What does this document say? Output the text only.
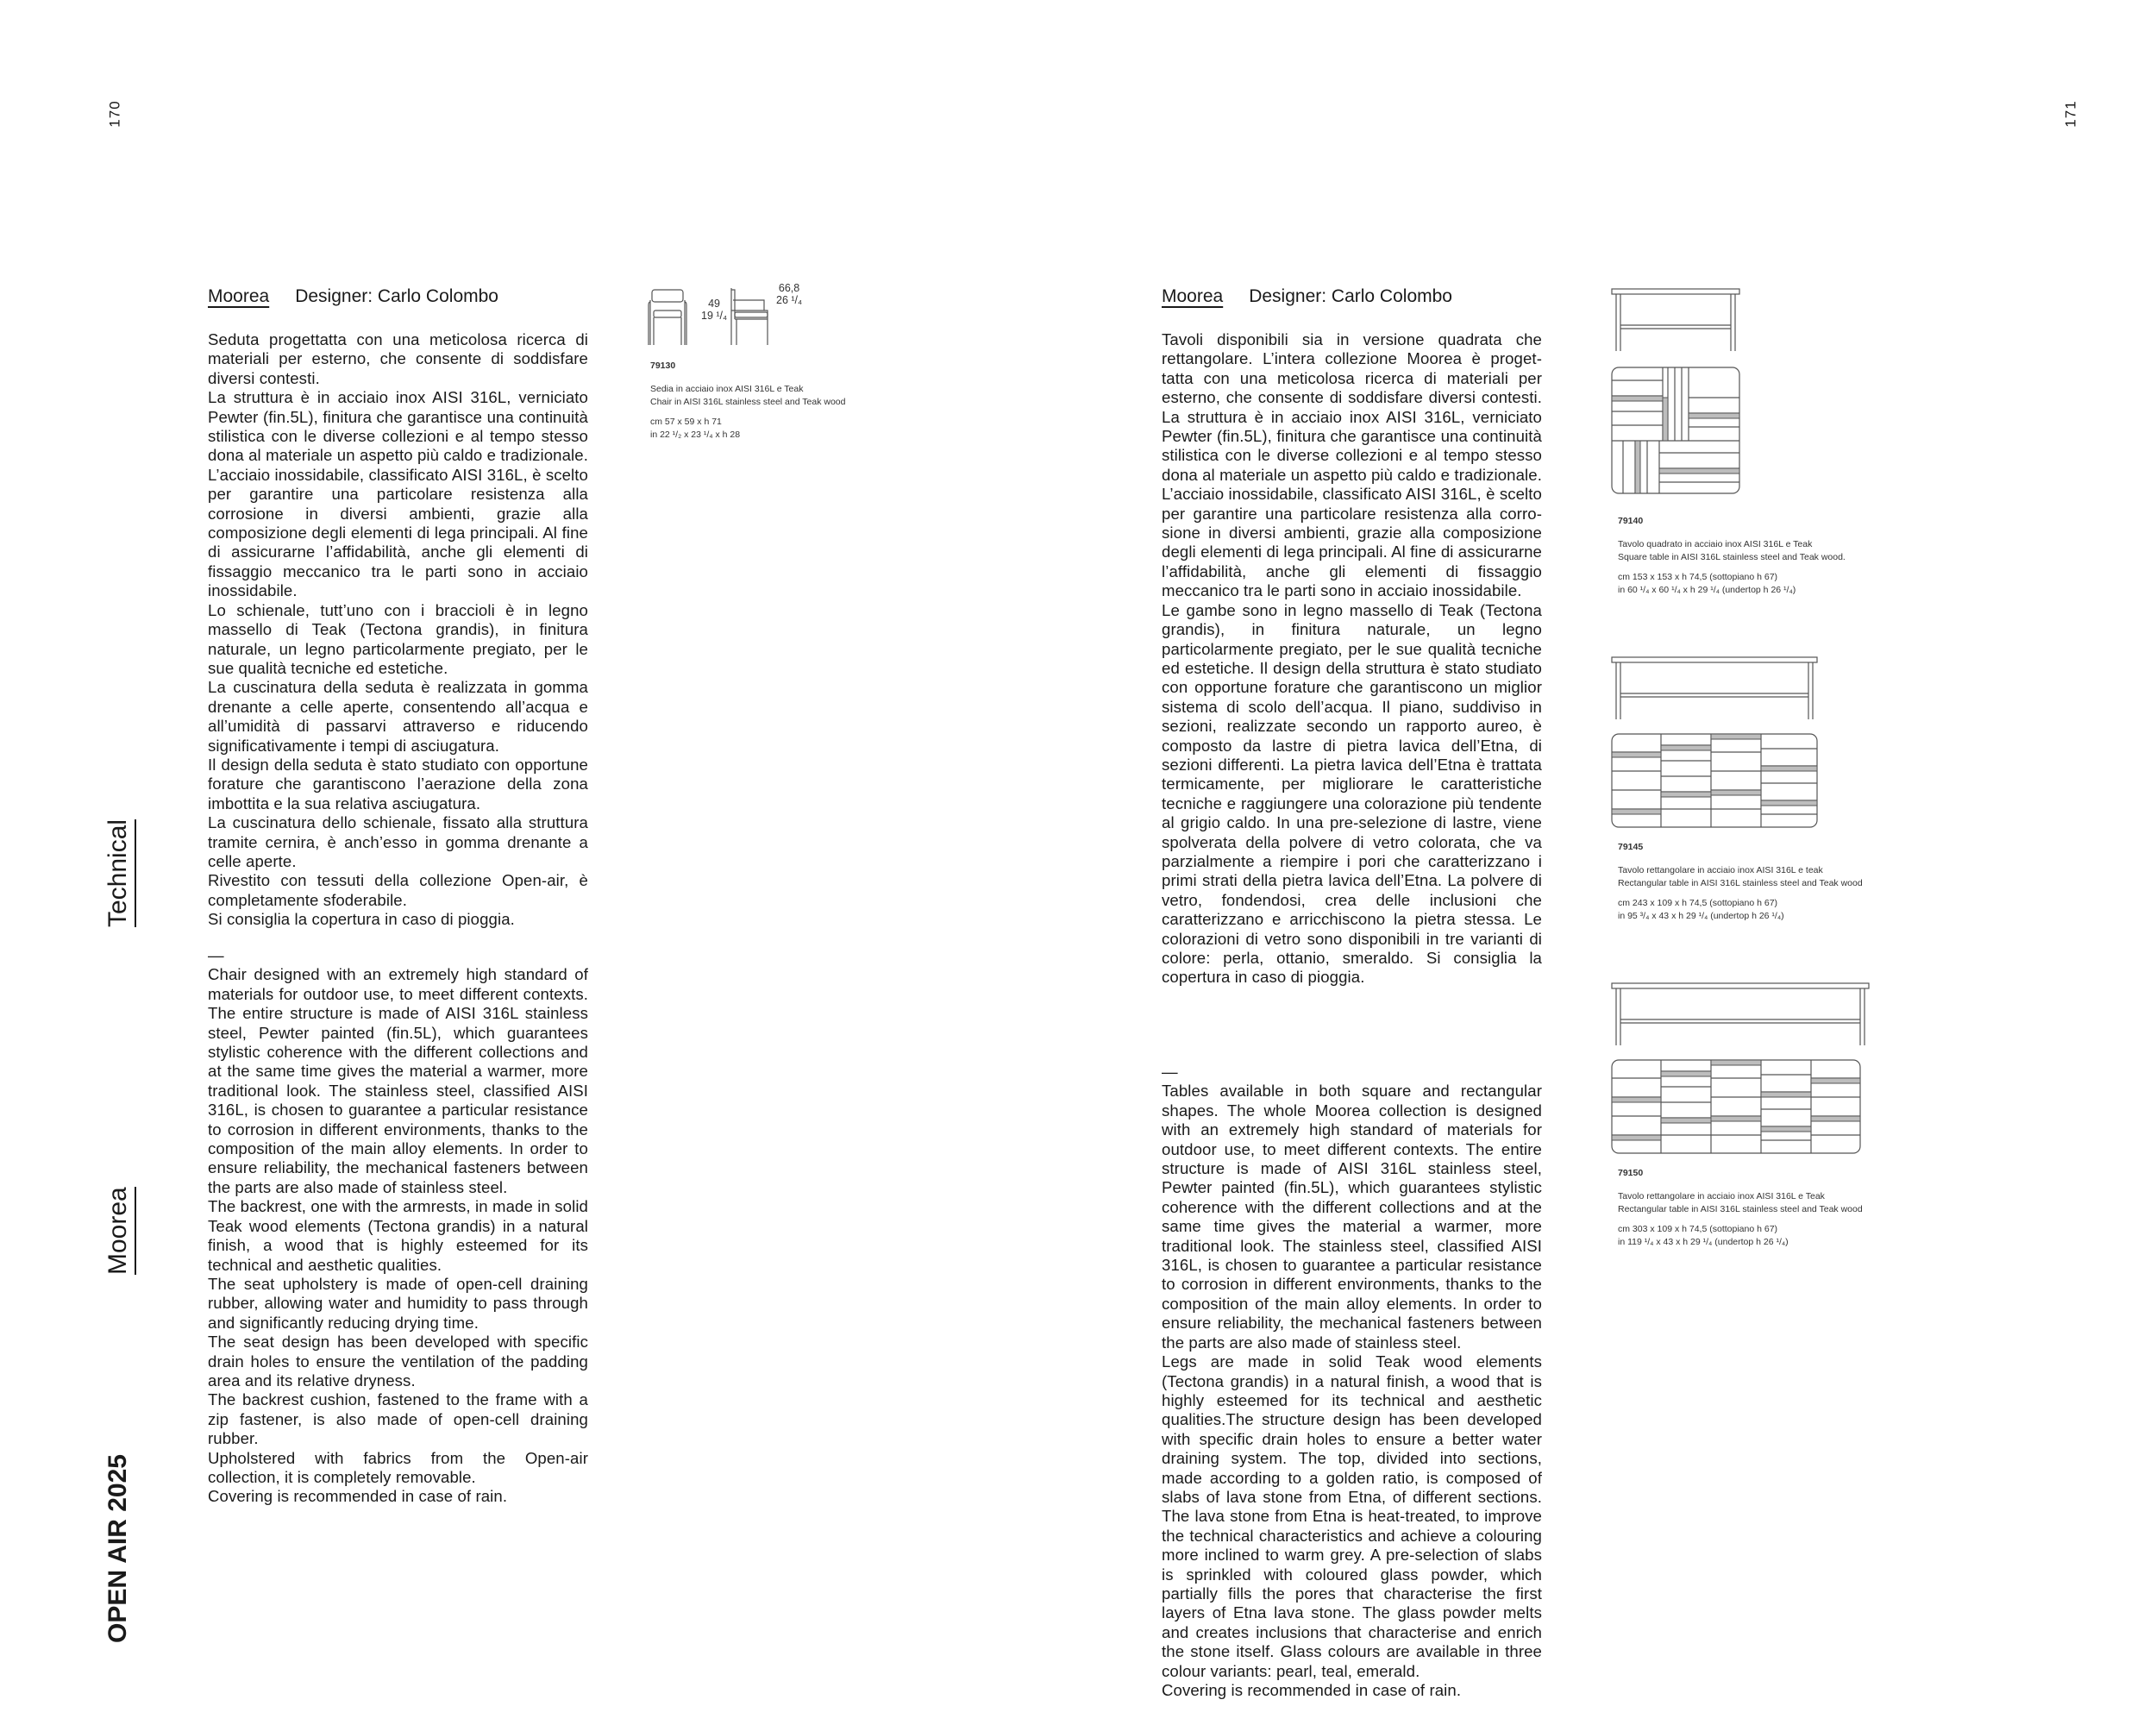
170	171
Technical
Moorea
OPEN AIR 2025
Moorea Designer: Carlo Colombo
Seduta progettatta con una meticolosa ricerca di materiali per esterno, che consente di soddisfare diversi contesti.
La struttura è in acciaio inox AISI 316L, verniciato Pewter (fin.5L), finitura che garantisce una continuità stilistica con le diverse collezioni e al tempo stesso dona al materiale un aspetto più caldo e tradizionale. L’acciaio inossidabile, classificato AISI 316L, è scelto per garantire una particolare resistenza alla corrosione in diversi ambienti, grazie alla composizione degli elementi di lega principali. Al fine di assicurarne l’affidabilità, anche gli elementi di fissaggio meccanico tra le parti sono in acciaio inossidabile.
Lo schienale, tutt’uno con i braccioli è in legno massello di Teak (Tectona grandis), in finitura naturale, un legno particolarmente pregiato, per le sue qualità tecniche ed estetiche.
La cuscinatura della seduta è realizzata in gomma drenante a celle aperte, consentendo all’acqua e all’umidità di passarvi attraverso e riducendo significativamente i tempi di asciugatura.
Il design della seduta è stato studiato con opportune forature che garantiscono l’aerazione della zona imbottita e la sua relativa asciugatura.
La cuscinatura dello schienale, fissato alla struttura tramite cernira, è anch’esso in gomma drenante a celle aperte.
Rivestito con tessuti della collezione Open-air, è completamente sfoderabile.
Si consiglia la copertura in caso di pioggia.
—
Chair designed with an extremely high standard of materials for outdoor use, to meet different contexts. The entire structure is made of AISI 316L stainless steel, Pewter painted (fin.5L), which guarantees stylistic coherence with the different collections and at the same time gives the material a warmer, more traditional look. The stainless steel, classified AISI 316L, is chosen to guarantee a particular resistance to corrosion in different environments, thanks to the composition of the main alloy elements. In order to ensure reliability, the mechanical fasteners between the parts are also made of stainless steel.
The backrest, one with the armrests, in made in solid Teak wood elements (Tectona grandis) in a natural finish, a wood that is highly esteemed for its technical and aesthetic qualities.
The seat upholstery is made of open-cell draining rubber, allowing water and humidity to pass through and significantly reducing drying time.
The seat design has been developed with specific drain holes to ensure the ventilation of the padding area and its relative dryness.
The backrest cushion, fastened to the frame with a zip fastener, is also made of open-cell draining rubber.
Upholstered with fabrics from the Open-air collection, it is completely removable.
Covering is recommended in case of rain.
49
19 ¹/₄
66,8
26 ¹/₄
79130
Sedia in acciaio inox AISI 316L e Teak
Chair in AISI 316L stainless steel and Teak wood
cm 57 x 59 x h 71
in 22 ¹/₂ x 23 ¹/₄ x h 28
Moorea Designer: Carlo Colombo
Tavoli disponibili sia in versione quadrata che rettangolare. L’intera collezione Moorea è proget-tatta con una meticolosa ricerca di materiali per esterno, che consente di soddisfare diversi contesti. La struttura è in acciaio inox AISI 316L, verniciato Pewter (fin.5L), finitura che garantisce una continuità stilistica con le diverse collezioni e al tempo stesso dona al materiale un aspetto più caldo e tradizionale. L’acciaio inossidabile, classificato AISI 316L, è scelto per garantire una particolare resistenza alla corro-sione in diversi ambienti, grazie alla composizione degli elementi di lega principali. Al fine di assicurarne l’affidabilità, anche gli elementi di fissaggio meccanico tra le parti sono in acciaio inossidabile.
Le gambe sono in legno massello di Teak (Tectona grandis), in finitura naturale, un legno particolarmente pregiato, per le sue qualità tecniche ed estetiche. Il design della struttura è stato studiato con opportune forature che garantiscono un miglior sistema di scolo dell’acqua. Il piano, suddiviso in sezioni, realizzate secondo un rapporto aureo, è composto da lastre di pietra lavica dell’Etna, di sezioni differenti. La pietra lavica dell’Etna è trattata termicamente, per migliorare le caratteristiche tecniche e raggiungere una colorazione più tendente al grigio caldo. In una pre-selezione di lastre, viene spolverata della polvere di vetro colorata, che va parzialmente a riempire i pori che caratterizzano i primi strati della pietra lavica dell’Etna. La polvere di vetro, fondendosi, crea delle inclusioni che caratterizzano e arricchiscono la pietra stessa. Le colorazioni di vetro sono disponibili in tre varianti di colore: perla, ottanio, smeraldo. Si consiglia la copertura in caso di pioggia.
—
Tables available in both square and rectangular shapes. The whole Moorea collection is designed with an extremely high standard of materials for outdoor use, to meet different contexts. The entire structure is made of AISI 316L stainless steel, Pewter painted (fin.5L), which guarantees stylistic coherence with the different collections and at the same time gives the material a warmer, more traditional look. The stainless steel, classified AISI 316L, is chosen to guarantee a particular resistance to corrosion in different environments, thanks to the composition of the main alloy elements. In order to ensure reliability, the mechanical fasteners between the parts are also made of stainless steel.
Legs are made in solid Teak wood elements (Tectona grandis) in a natural finish, a wood that is highly esteemed for its technical and aesthetic qualities.The structure design has been developed with specific drain holes to ensure a better water draining system. The top, divided into sections, made according to a golden ratio, is composed of slabs of lava stone from Etna, of different sections. The lava stone from Etna is heat-treated, to improve the technical characteristics and achieve a colouring more inclined to warm grey. A pre-selection of slabs is sprinkled with coloured glass powder, which partially fills the pores that characterise the first layers of Etna lava stone. The glass powder melts and creates inclusions that characterise and enrich the stone itself. Glass colours are available in three colour variants: pearl, teal, emerald.
Covering is recommended in case of rain.
79140
Tavolo quadrato in acciaio inox AISI 316L e Teak
Square table in AISI 316L stainless steel and Teak wood.
cm 153 x 153 x h 74,5 (sottopiano h 67)
in 60 ¹/₄ x 60 ¹/₄ x h 29 ¹/₄ (undertop h 26 ¹/₄)
79145
Tavolo rettangolare in acciaio inox AISI 316L e teak
Rectangular table in AISI 316L stainless steel and Teak wood
cm 243 x 109 x h 74,5 (sottopiano h 67)
in 95 ³/₄ x 43 x h 29 ¹/₄ (undertop h 26 ¹/₄)
79150
Tavolo rettangolare in acciaio inox AISI 316L e Teak
Rectangular table in AISI 316L stainless steel and Teak wood
cm 303 x 109 x h 74,5 (sottopiano h 67)
in 119 ¹/₄ x 43 x h 29 ¹/₄ (undertop h 26 ¹/₄)
